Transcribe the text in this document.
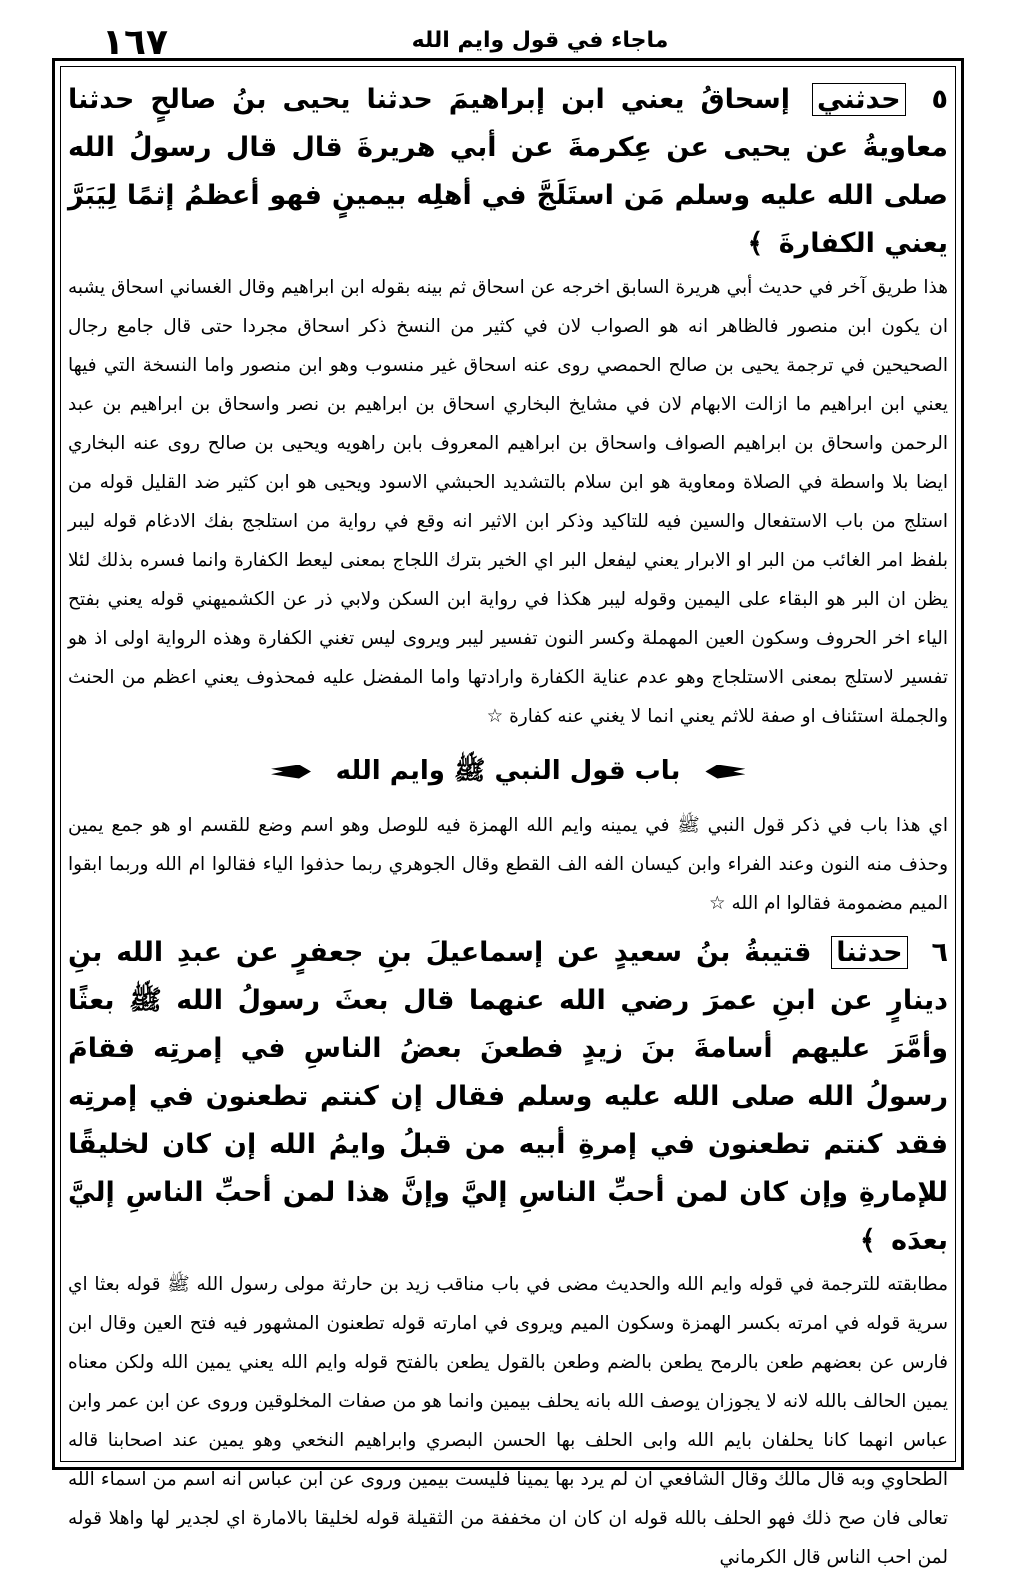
١٦٧	ماجاء في قول وايم الله

٥ حدثني إسحاقُ يعني ابن إبراهيمَ حدثنا يحيى بنُ صالحٍ حدثنا معاويةُ عن يحيى عن عِكرمةَ عن أبي هريرةَ قال قال رسولُ الله صلى الله عليه وسلم مَن استَلَجَّ في أهلِه بيمينٍ فهو أعظمُ إثمًا لِيَبَرَّ يعني الكفارةَ ﴾

هذا طريق آخر في حديث أبي هريرة السابق اخرجه عن اسحاق ثم بينه بقوله ابن ابراهيم وقال الغساني اسحاق يشبه ان يكون ابن منصور فالظاهر انه هو الصواب لان في كثير من النسخ ذكر اسحاق مجردا حتى قال جامع رجال الصحيحين في ترجمة يحيى بن صالح الحمصي روى عنه اسحاق غير منسوب وهو ابن منصور واما النسخة التي فيها يعني ابن ابراهيم ما ازالت الابهام لان في مشايخ البخاري اسحاق بن ابراهيم بن نصر واسحاق بن ابراهيم بن عبد الرحمن واسحاق بن ابراهيم الصواف واسحاق بن ابراهيم المعروف بابن راهويه ويحيى بن صالح روى عنه البخاري ايضا بلا واسطة في الصلاة ومعاوية هو ابن سلام بالتشديد الحبشي الاسود ويحيى هو ابن كثير ضد القليل قوله من استلج من باب الاستفعال والسين فيه للتاكيد وذكر ابن الاثير انه وقع في رواية من استلجج بفك الادغام قوله ليبر بلفظ امر الغائب من البر او الابرار يعني ليفعل البر اي الخير بترك اللجاج بمعنى ليعط الكفارة وانما فسره بذلك لئلا يظن ان البر هو البقاء على اليمين وقوله ليبر هكذا في رواية ابن السكن ولابي ذر عن الكشميهني قوله يعني بفتح الياء اخر الحروف وسكون العين المهملة وكسر النون تفسير ليبر ويروى ليس تغني الكفارة وهذه الرواية اولى اذ هو تفسير لاستلج بمعنى الاستلجاج وهو عدم عناية الكفارة وارادتها واما المفضل عليه فمحذوف يعني اعظم من الحنث والجملة استئناف او صفة للاثم يعني انما لا يغني عنه كفارة ☆

باب قول النبي ﷺ وايم الله

اي هذا باب في ذكر قول النبي ﷺ في يمينه وايم الله الهمزة فيه للوصل وهو اسم وضع للقسم او هو جمع يمين وحذف منه النون وعند الفراء وابن كيسان الفه الف القطع وقال الجوهري ربما حذفوا الياء فقالوا ام الله وربما ابقوا الميم مضمومة فقالوا ام الله ☆

٦ حدثنا قتيبةُ بنُ سعيدٍ عن إسماعيلَ بنِ جعفرٍ عن عبدِ الله بنِ دينارٍ عن ابنِ عمرَ رضي الله عنهما قال بعثَ رسولُ الله ﷺ بعثًا وأمَّرَ عليهم أسامةَ بنَ زيدٍ فطعنَ بعضُ الناسِ في إمرتِه فقامَ رسولُ الله صلى الله عليه وسلم فقال إن كنتم تطعنون في إمرتِه فقد كنتم تطعنون في إمرةِ أبيه من قبلُ وايمُ الله إن كان لخليقًا للإمارةِ وإن كان لمن أحبِّ الناسِ إليَّ وإنَّ هذا لمن أحبِّ الناسِ إليَّ بعدَه ﴾

مطابقته للترجمة في قوله وايم الله والحديث مضى في باب مناقب زيد بن حارثة مولى رسول الله ﷺ قوله بعثا اي سرية قوله في امرته بكسر الهمزة وسكون الميم ويروى في امارته قوله تطعنون المشهور فيه فتح العين وقال ابن فارس عن بعضهم طعن بالرمح يطعن بالضم وطعن بالقول يطعن بالفتح قوله وايم الله يعني يمين الله ولكن معناه يمين الحالف بالله لانه لا يجوزان يوصف الله بانه يحلف بيمين وانما هو من صفات المخلوقين وروى عن ابن عمر وابن عباس انهما كانا يحلفان بايم الله وابى الحلف بها الحسن البصري وابراهيم النخعي وهو يمين عند اصحابنا قاله الطحاوي وبه قال مالك وقال الشافعي ان لم يرد بها يمينا فليست بيمين وروى عن ابن عباس انه اسم من اسماء الله تعالى فان صح ذلك فهو الحلف بالله قوله ان كان ان مخففة من الثقيلة قوله لخليقا بالامارة اي لجدير لها واهلا قوله لمن احب الناس قال الكرماني
